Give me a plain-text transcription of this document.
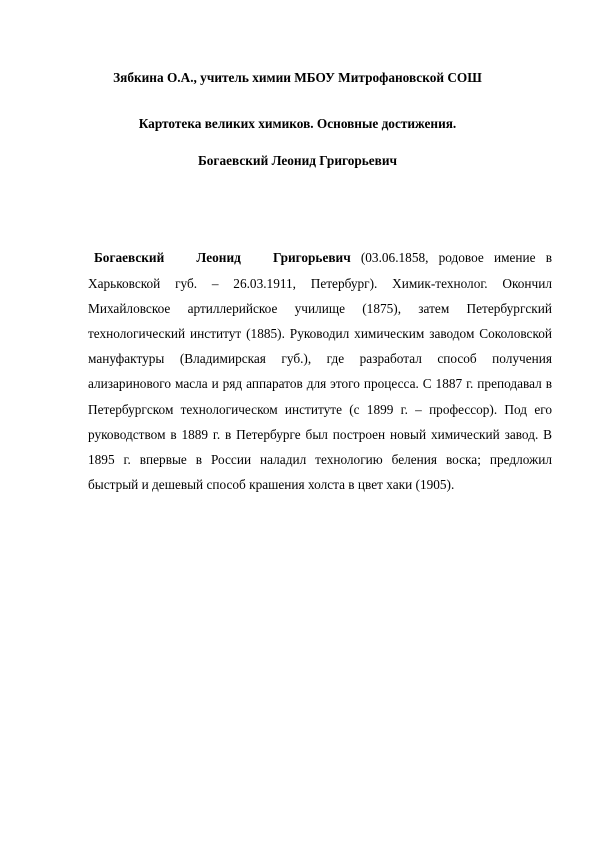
Зябкина О.А., учитель химии МБОУ Митрофановской СОШ
Картотека великих химиков. Основные достижения.
Богаевский Леонид Григорьевич

Богаевский Леонид Григорьевич (03.06.1858, родовое имение в Харьковской губ. – 26.03.1911, Петербург). Химик-технолог. Окончил Михайловское артиллерийское училище (1875), затем Петербургский технологический институт (1885). Руководил химическим заводом Соколовской мануфактуры (Владимирская губ.), где разработал способ получения ализаринового масла и ряд аппаратов для этого процесса. С 1887 г. преподавал в Петербургском технологическом институте (с 1899 г. – профессор). Под его руководством в 1889 г. в Петербурге был построен новый химический завод. В 1895 г. впервые в России наладил технологию беления воска; предложил быстрый и дешевый способ крашения холста в цвет хаки (1905).
